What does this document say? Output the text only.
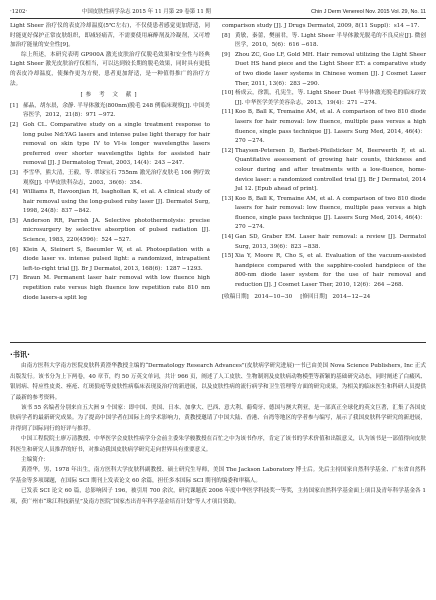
·1202·	中国皮肤性病学杂志 2015 年 11 月第 29 卷第 11 期	Chin J Derm Venereol Nov. 2015 Vol. 29, No. 11

Light Sheer 治疗仪的表皮冷却温度(5℃左右)，不仅使患者感觉更加舒适，同时能更好保护正常皮肤组织，即减轻痛苦，不需要使用麻醉剂及冷凝剂，又可增加治疗能量的安全性[9]。

综上所述，本研究表明 GP900A 激光皮肤治疗仪脱毛效果和安全性与经典 Light Sheer 激光皮肤治疗仪相当，可以达到较长期的脱毛效果，同时具有更低的表皮冷却温度，使操作更为方便，患者更加舒适，是一种值得推广的治疗方法。

[参 考 文 献]
[1] 郝晶，胡东晨，余静. 半导体激光(800nm)脱毛 248 例临床观察[J]. 中国美容医学，2012，21(8)：971 −972.
[2] Goh CL. Comparative study on a single treatment response to long pulse Nd:YAG lasers and intense pulse light therapy for hair removal on skin type IV to VI-is longer wavelengths lasers preferred over shorter wavelengths lights for assisted hair removal [J]. J Dermatolog Treat, 2003, 14(4)：243 −247.
[3] 李雪华，熊大清，王毅，等. 翠绿宝石 755nm 激光治疗皮肤毛 106 例疗效观察[J]. 中华皮肤科杂志，2003，36(6)：354.
[4] Williams R, Havoonjian H, Isagholian K, et al. A clinical study of hair removal using the long-pulsed ruby laser [J]. Dermatol Surg, 1998, 24(8)：837 −842.
[5] Anderson RR, Parrish JA. Selective photothermolysis: precise microsurgery by selective absorption of pulsed radiation [J]. Science, 1983, 220(4596)：524 −527.
[6] Klein A, Steinert S, Baeumler W, et al. Photoepilation with a diode laser vs. intense pulsed light: a randomized, intrapatient left-to-right trial [J]. Br J Dermatol, 2013, 168(6)：1287 −1293.
[7] Braun M. Permanent laser hair removal with low fluence high repetition rate versus high fluence low repetition rate 810 nm diode lasers-a split leg
comparison study [J]. J Drugs Dermatol, 2009, 8(11 Suppl)：s14 −17.
[8] 黄敏，秦蕾，樊丽君，等. Light Sheer 半导体激光脱毛的不良反应[J]. 微创医学，2010，5(6)：616 −618.
[9] Zhou ZC, Guo LF, Gold MH. Hair removal utilizing the Light Sheer Duet HS hand piece and the Light Sheer ET: a comparative study of two diode laser systems in Chinese women [J]. J Cosmet Laser Ther, 2011, 13(6)：283 −290.
[10] 杨成云，徐凯，孔宪生，等. Light Sheer Duet 半导体激光脱毛的临床疗效[J]. 中华医学美学美容杂志，2013，19(4)：271 −274.
[11] Koo B, Ball K, Tremaine AM, et al. A comparison of two 810 diode lasers for hair removal: low fluence, multiple pass versus a high fluence, single pass technique [J]. Lasers Surg Med, 2014, 46(4)：270 −274.
[12] Thaysen-Petersen D, Barbet-Pfeilsticker M, Beerwerth F, et al. Quantitative assessment of growing hair counts, thickness and colour during and after treatments with a low-fluence, home-device laser: a randomized controlled trial [J]. Br J Dermatol, 2014 Jul 12. [Epub ahead of print].
[13] Koo B, Ball K, Tremaine AM, et al. A comparison of two 810 diode lasers for hair removal: low fluence, multiple pass versus a high fluence, single pass technique [J]. Lasers Surg Med, 2014, 46(4)：270 −274.
[14] Gan SD, Graber EM. Laser hair removal: a review [J]. Dermatol Surg, 2013, 39(6)：823 −838.
[15] Xia Y, Moore R, Cho S, et al. Evaluation of the vacuum-assisted handpiece compared with the sapphire-cooled handpiece of the 800-nm diode laser system for the use of hair removal and reduction [J]. J Cosmet Laser Ther, 2010, 12(6)：264 −268.
[收稿日期]　2014−10−30 [修回日期]　2014−12−24
·书讯·

由南方医科大学南方医院皮肤科黄澄华教授主编的“Dermatology Research Advances”(皮肤病学研究进展)一书已由美国 Nova Science Publishers, Inc 正式出版发行。该书分为上下两卷，40 章节，约 50 万英文单词，共计 966 页，阐述了人工皮肤、生物制剂及皮肤病动物模型等新颖的基础研究动态，同时阐述了白癜风、银屑病、特应性皮炎、痤疮、红斑狼疮等皮肤性病临床表现及治疗的新进展，以及皮肤性病的流行病学和卫生管理等方面的研究成果，为相关的临床医生和科研人员提供了最新的参考资料。

该书 55 名编者分别来自五大洲 9 个国家：即中国、美国、日本、加拿大、巴西、意大利、葡萄牙、德国与澳大利亚，是一部真正全球化的英文巨著，汇集了各国皮肤病学者的最新研究成果。为了提高中国学者在国际上的学术影响力，黄教授邀请了中国大陆、香港、台湾等地区的学者参与编写，展示了我国皮肤科学研究的新进展，并得到了国际同行的好评与推荐。

中国工程院院士廖万清教授、中华医学会皮肤性病学分会前主委朱学骏教授在百忙之中为该书作序，肯定了该书的学术价值和出版意义，认为该书是一部值得向皮肤科医生和研究人员推荐的好书，对推动我国皮肤病学研究走向世界具有重要意义。

主编简介：

黄澄华，男，1978 年出生，南方医科大学皮肤科副教授、硕士研究生导师，美国 The Jackson Laboratory 博士后。先后主持国家自然科学基金、广东省自然科学基金等多项课题，在国际 SCI 期刊上发表论文 60 余篇，担任多本国际 SCI 期刊的编委和审稿人。

已发表 SCI 论文 60 篇，总影响因子 196，被引用 700 余次，研究课题获 2006 年度中华医学科技奖一等奖，主持国家自然科学基金面上项目及青年科学基金各 1 项，获广州市“珠江科技新星”及南方医院“国家杰出青年科学基金培育计划”等人才项目资助。
